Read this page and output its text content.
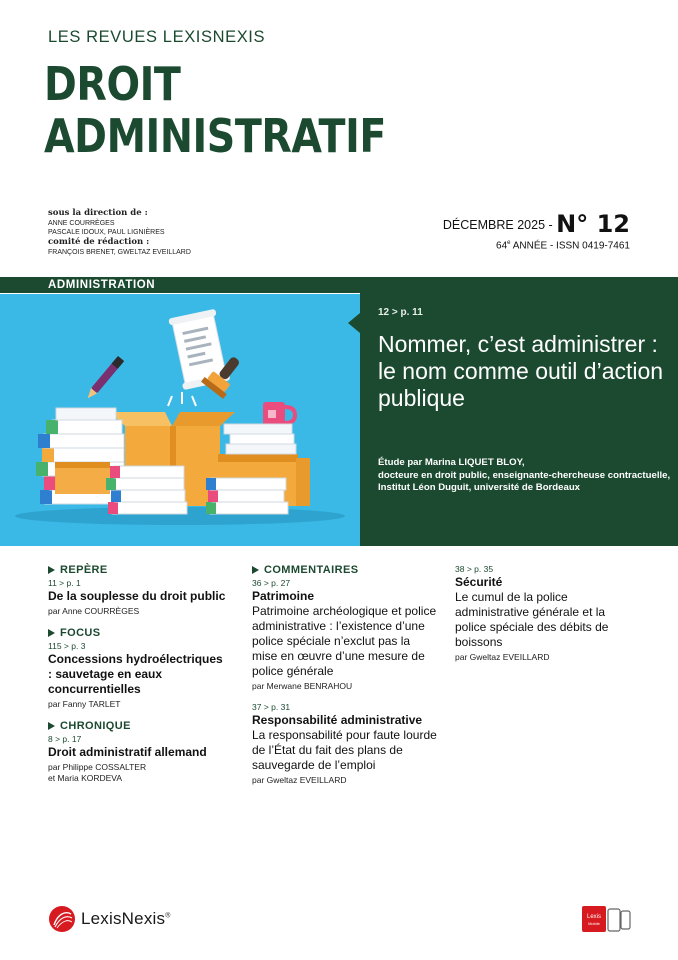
LES REVUES LEXISNEXIS
DROIT
ADMINISTRATIF
sous la direction de :
ANNE COURRÈGES
PASCALE IDOUX, PAUL LIGNIÈRES
comité de rédaction :
FRANÇOIS BRENET, GWELTAZ EVEILLARD
DÉCEMBRE 2025 - N° 12
64e ANNÉE - ISSN 0419-7461
ADMINISTRATION
12 > p. 11
Nommer, c’est administrer : le nom comme outil d’action publique
Étude par Marina LIQUET BLOY,
docteure en droit public, enseignante-chercheuse contractuelle,
Institut Léon Duguit, université de Bordeaux
REPÈRE
11 > p. 1
De la souplesse du droit public
par Anne COURRÈGES
FOCUS
115 > p. 3
Concessions hydroélectriques : sauvetage en eaux concurrentielles
par Fanny TARLET
CHRONIQUE
8 > p. 17
Droit administratif allemand
par Philippe COSSALTER
et Maria KORDEVA
COMMENTAIRES
36 > p. 27
Patrimoine
Patrimoine archéologique et police administrative : l’existence d’une police spéciale n’exclut pas la mise en œuvre d’une mesure de police générale
par Merwane BENRAHOU
37 > p. 31
Responsabilité administrative
La responsabilité pour faute lourde de l’État du fait des plans de sauvegarde de l’emploi
par Gweltaz EVEILLARD
38 > p. 35
Sécurité
Le cumul de la police administrative générale et la police spéciale des débits de boissons
par Gweltaz EVEILLARD
LexisNexis®	Lexis
Mobile
